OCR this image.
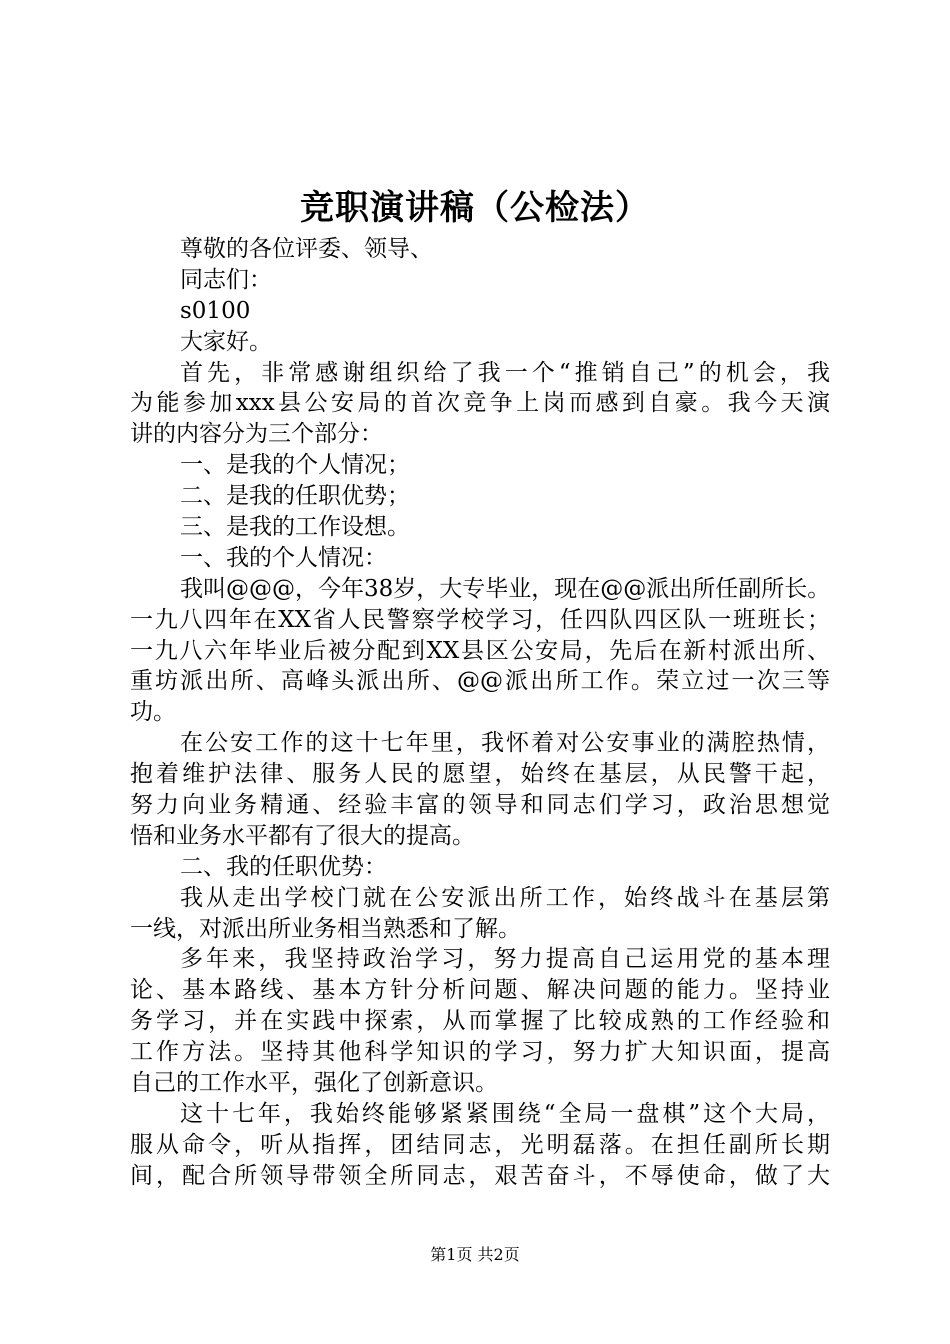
竞职演讲稿（公检法）
尊敬的各位评委、领导、
同志们：
s0100
大家好。
首先，非常感谢组织给了我一个“推销自己”的机会，我
为能参加xxx县公安局的首次竞争上岗而感到自豪。我今天演
讲的内容分为三个部分：
一、是我的个人情况；
二、是我的任职优势；
三、是我的工作设想。
一、我的个人情况：
我叫@@@，今年38岁，大专毕业，现在@@派出所任副所长。
一九八四年在XX省人民警察学校学习，任四队四区队一班班长；
一九八六年毕业后被分配到XX县区公安局，先后在新村派出所、
重坊派出所、高峰头派出所、@@派出所工作。荣立过一次三等
功。
在公安工作的这十七年里，我怀着对公安事业的满腔热情，
抱着维护法律、服务人民的愿望，始终在基层，从民警干起，
努力向业务精通、经验丰富的领导和同志们学习，政治思想觉
悟和业务水平都有了很大的提高。
二、我的任职优势：
我从走出学校门就在公安派出所工作，始终战斗在基层第
一线，对派出所业务相当熟悉和了解。
多年来，我坚持政治学习，努力提高自己运用党的基本理
论、基本路线、基本方针分析问题、解决问题的能力。坚持业
务学习，并在实践中探索，从而掌握了比较成熟的工作经验和
工作方法。坚持其他科学知识的学习，努力扩大知识面，提高
自己的工作水平，强化了创新意识。
这十七年，我始终能够紧紧围绕“全局一盘棋”这个大局，
服从命令，听从指挥，团结同志，光明磊落。在担任副所长期
间，配合所领导带领全所同志，艰苦奋斗，不辱使命，做了大
第1页 共2页
